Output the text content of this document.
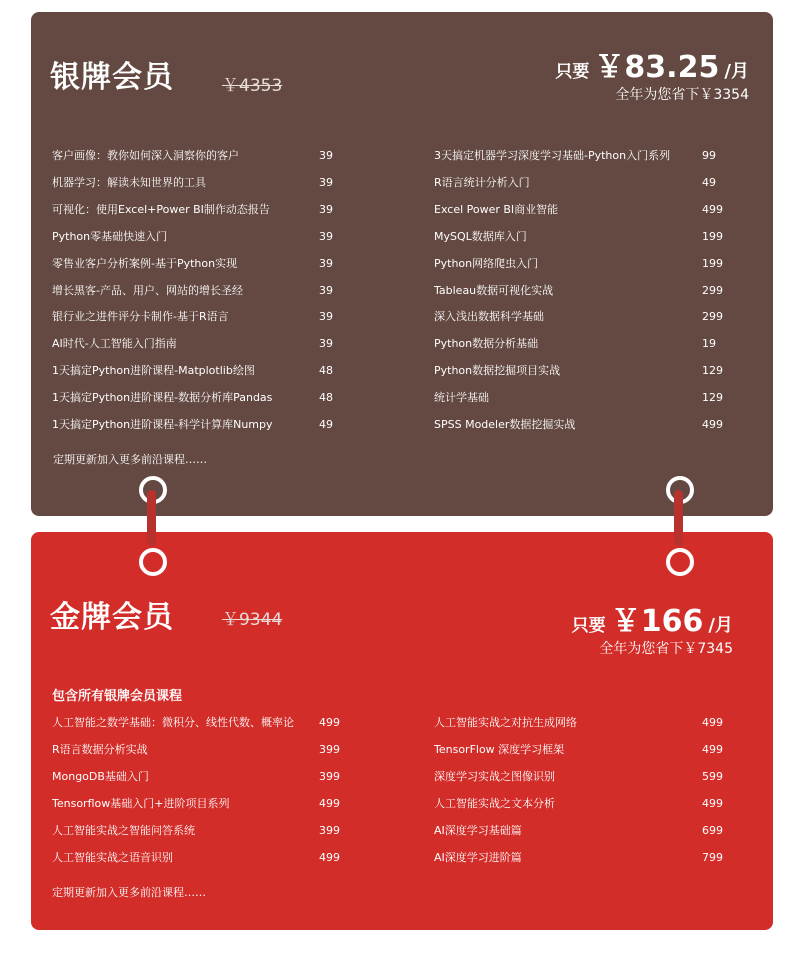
银牌会员	￥4353
只要 ￥83.25 /月
全年为您省下￥3354
客户画像：教你如何深入洞察你的客户	39
机器学习：解读未知世界的工具	39
可视化：使用Excel+Power BI制作动态报告	39
Python零基础快速入门	39
零售业客户分析案例-基于Python实现	39
增长黑客-产品、用户、网站的增长圣经	39
银行业之进件评分卡制作-基于R语言	39
AI时代-人工智能入门指南	39
1天搞定Python进阶课程-Matplotlib绘图	48
1天搞定Python进阶课程-数据分析库Pandas	48
1天搞定Python进阶课程-科学计算库Numpy	49
3天搞定机器学习深度学习基础-Python入门系列	99
R语言统计分析入门	49
Excel Power BI商业智能	499
MySQL数据库入门	199
Python网络爬虫入门	199
Tableau数据可视化实战	299
深入浅出数据科学基础	299
Python数据分析基础	19
Python数据挖掘项目实战	129
统计学基础	129
SPSS Modeler数据挖掘实战	499
定期更新加入更多前沿课程……
金牌会员	￥9344	只要 ￥166 /月
全年为您省下￥7345
包含所有银牌会员课程
人工智能之数学基础：微积分、线性代数、概率论 499
R语言数据分析实战	399
MongoDB基础入门	399
Tensorflow基础入门+进阶项目系列	499
人工智能实战之智能问答系统	399
人工智能实战之语音识别	499
人工智能实战之对抗生成网络	499
TensorFlow 深度学习框架	499
深度学习实战之图像识别	599
人工智能实战之文本分析	499
AI深度学习基础篇	699
AI深度学习进阶篇	799
定期更新加入更多前沿课程……
